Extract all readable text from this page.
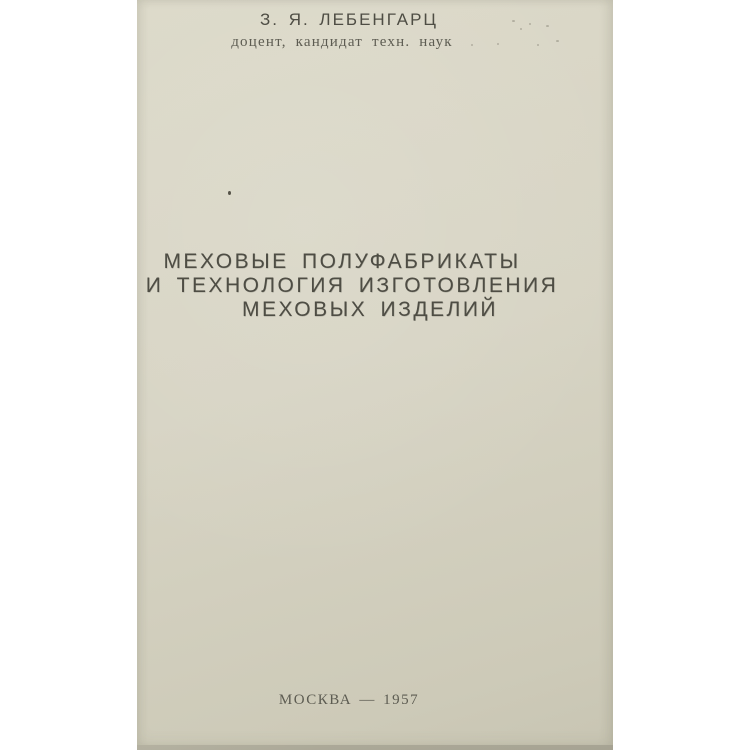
З. Я. ЛЕБЕНГАРЦ
доцент, кандидат техн. наук
МЕХОВЫЕ ПОЛУФАБРИКАТЫ
И ТЕХНОЛОГИЯ ИЗГОТОВЛЕНИЯ
МЕХОВЫХ ИЗДЕЛИЙ
МОСКВА — 1957
